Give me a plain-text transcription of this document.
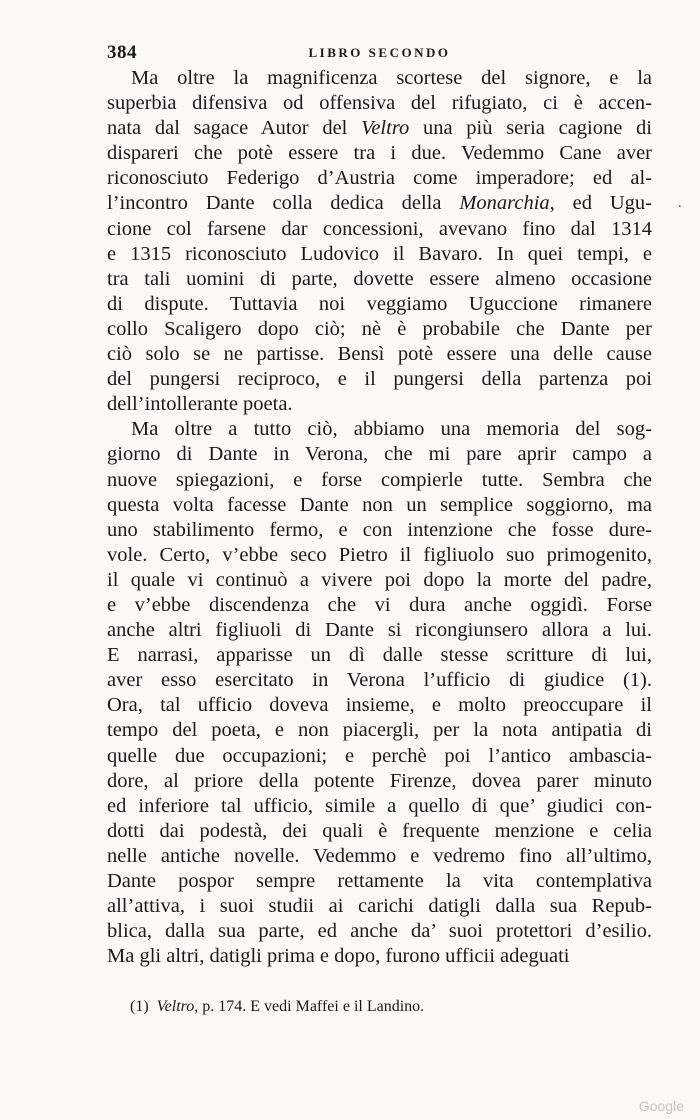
384	LIBRO SECONDO
Ma oltre la magnificenza scortese del signore, e la
superbia difensiva od offensiva del rifugiato, ci è accen-
nata dal sagace Autor del Veltro una più seria cagione di
dispareri che potè essere tra i due. Vedemmo Cane aver
riconosciuto Federigo d’Austria come imperadore; ed al-
l’incontro Dante colla dedica della Monarchia, ed Ugu-
cione col farsene dar concessioni, avevano fino dal 1314
e 1315 riconosciuto Ludovico il Bavaro. In quei tempi, e
tra tali uomini di parte, dovette essere almeno occasione
di dispute. Tuttavia noi veggiamo Uguccione rimanere
collo Scaligero dopo ciò; nè è probabile che Dante per
ciò solo se ne partisse. Bensì potè essere una delle cause
del pungersi reciproco, e il pungersi della partenza poi
dell’intollerante poeta.
Ma oltre a tutto ciò, abbiamo una memoria del sog-
giorno di Dante in Verona, che mi pare aprir campo a
nuove spiegazioni, e forse compierle tutte. Sembra che
questa volta facesse Dante non un semplice soggiorno, ma
uno stabilimento fermo, e con intenzione che fosse dure-
vole. Certo, v’ebbe seco Pietro il figliuolo suo primogenito,
il quale vi continuò a vivere poi dopo la morte del padre,
e v’ebbe discendenza che vi dura anche oggidì. Forse
anche altri figliuoli di Dante si ricongiunsero allora a lui.
E narrasi, apparisse un dì dalle stesse scritture di lui,
aver esso esercitato in Verona l’ufficio di giudice (1).
Ora, tal ufficio doveva insieme, e molto preoccupare il
tempo del poeta, e non piacergli, per la nota antipatia di
quelle due occupazioni; e perchè poi l’antico ambascia-
dore, al priore della potente Firenze, dovea parer minuto
ed inferiore tal ufficio, simile a quello di que’ giudici con-
dotti dai podestà, dei quali è frequente menzione e celia
nelle antiche novelle. Vedemmo e vedremo fino all’ultimo,
Dante pospor sempre rettamente la vita contemplativa
all’attiva, i suoi studii ai carichi datigli dalla sua Repub-
blica, dalla sua parte, ed anche da’ suoi protettori d’esilio.
Ma gli altri, datigli prima e dopo, furono ufficii adeguati
.
(1) Veltro, p. 174. E vedi Maffei e il Landino.
Google
